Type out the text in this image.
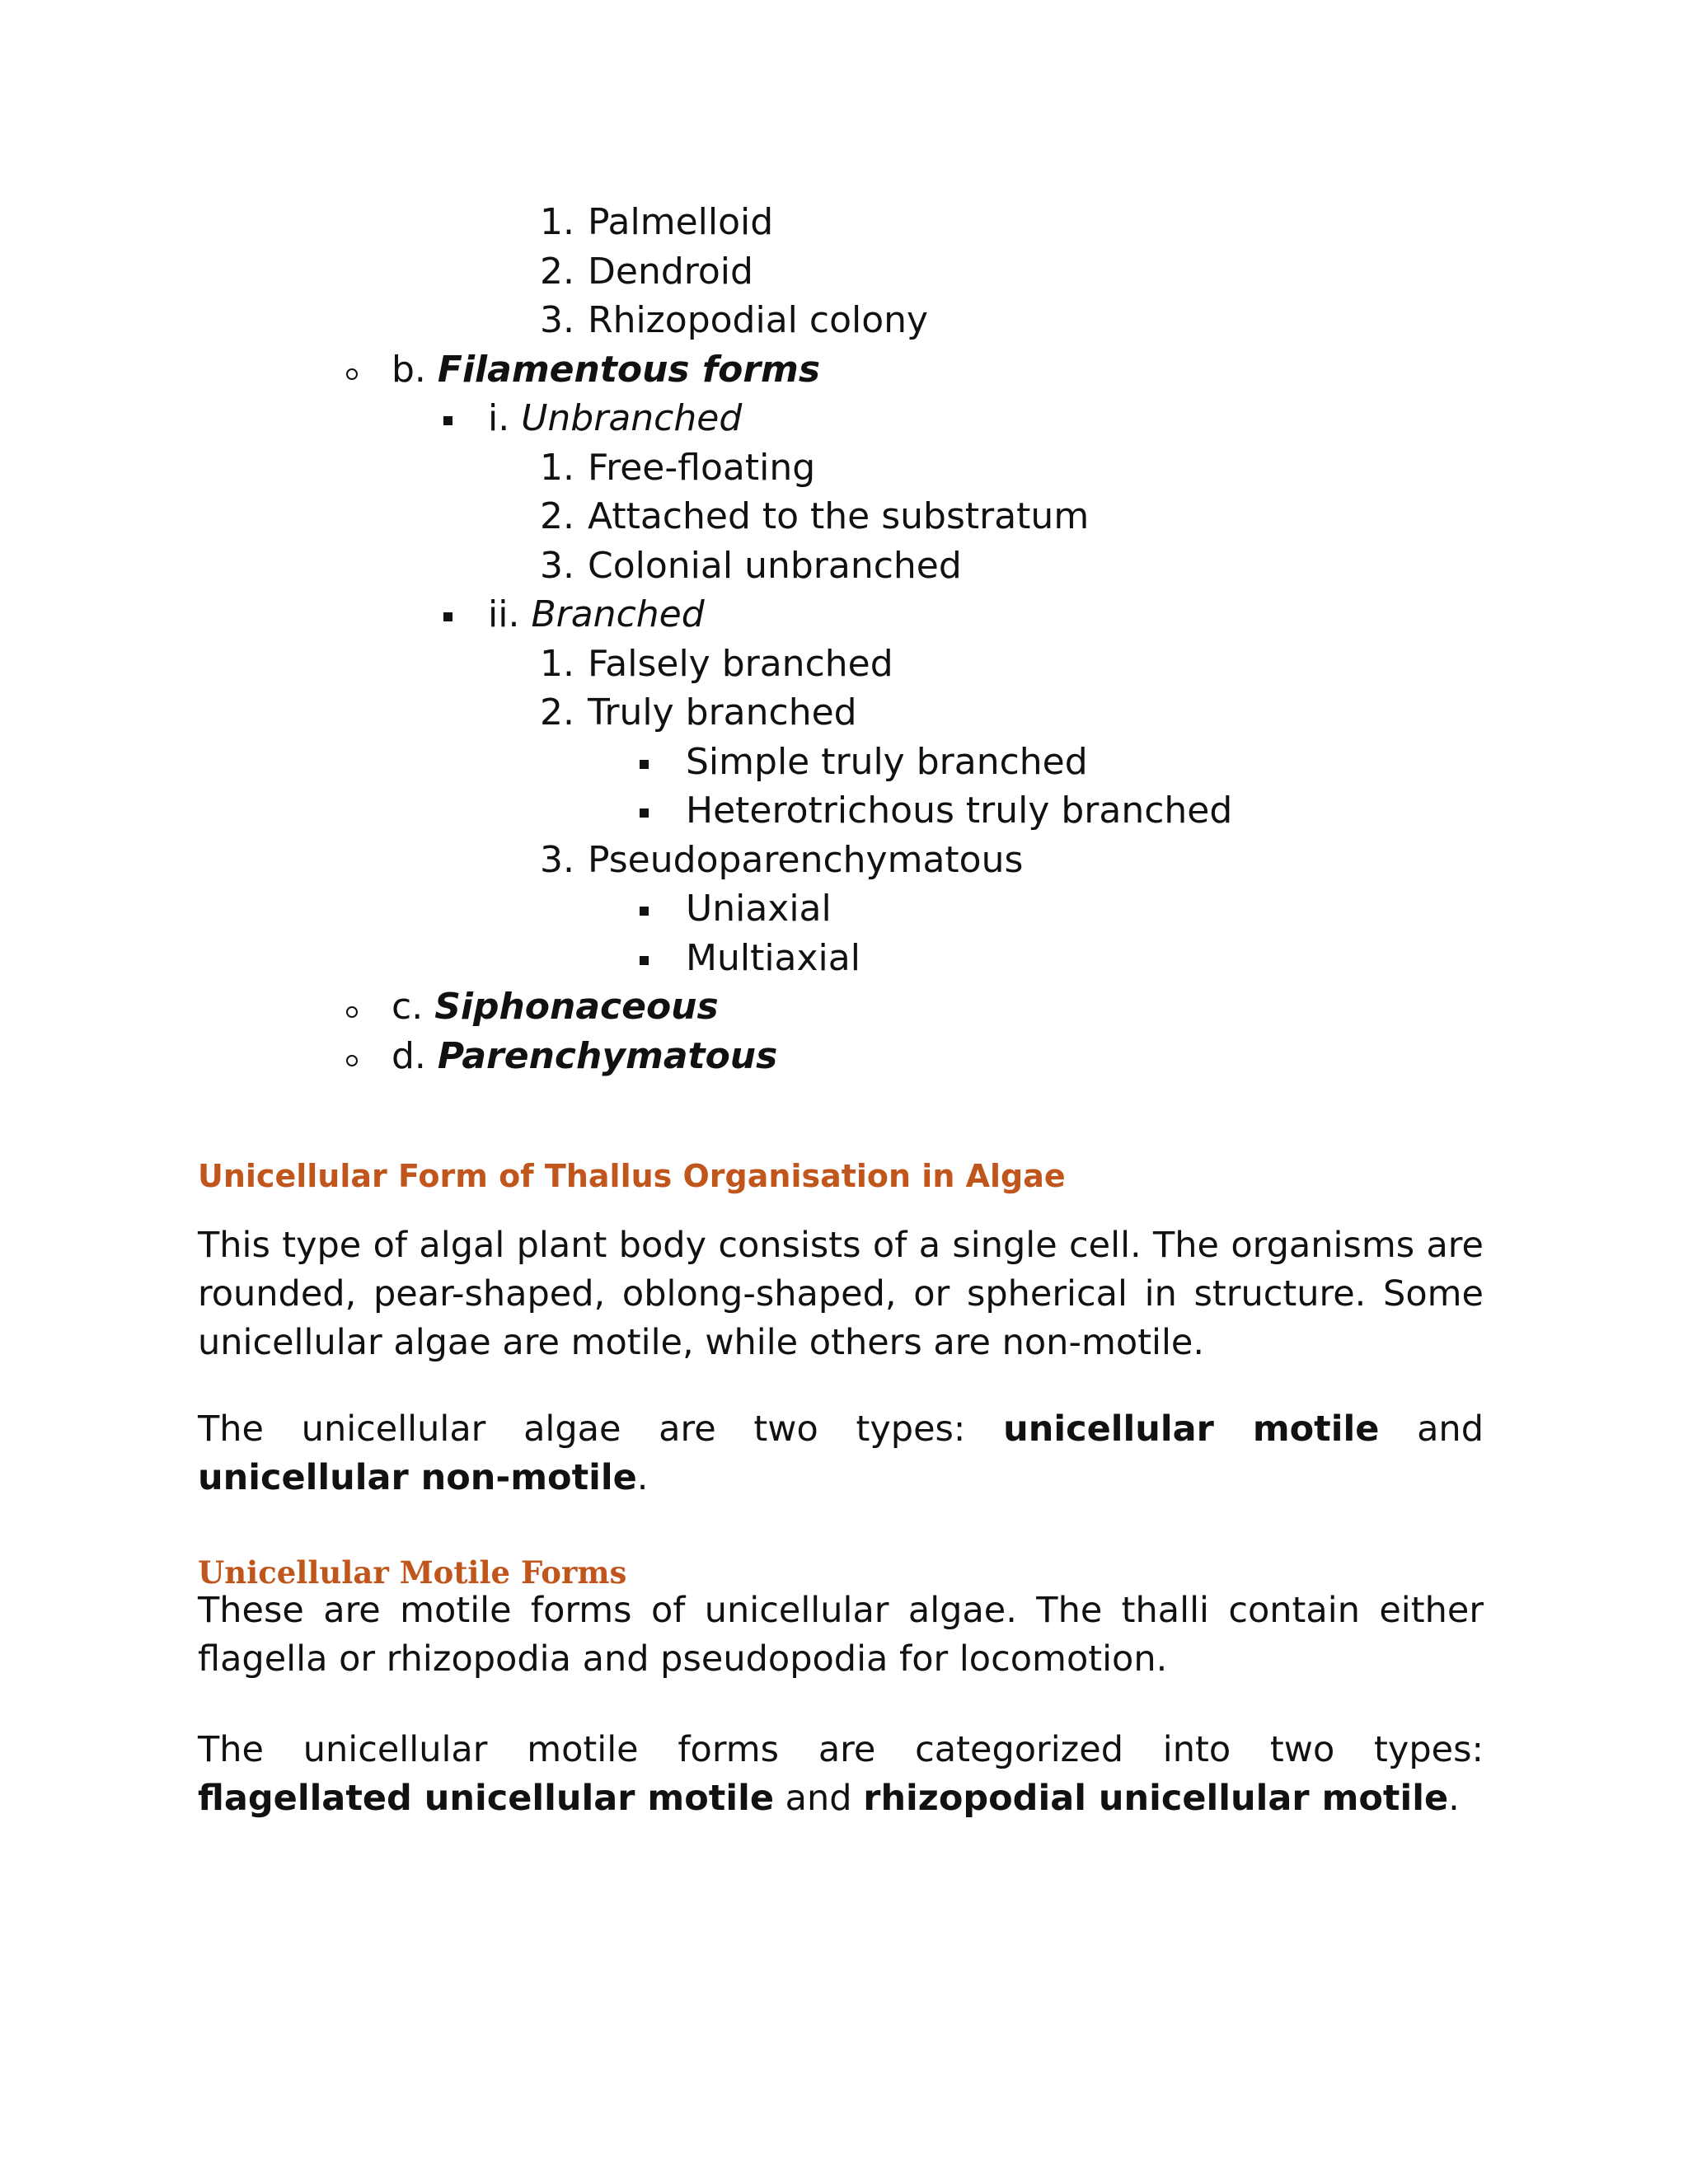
1. Palmelloid
2. Dendroid
3. Rhizopodial colony
b. Filamentous forms
i. Unbranched
1. Free-floating
2. Attached to the substratum
3. Colonial unbranched
ii. Branched
1. Falsely branched
2. Truly branched
Simple truly branched
Heterotrichous truly branched
3. Pseudoparenchymatous
Uniaxial
Multiaxial
c. Siphonaceous
d. Parenchymatous
Unicellular Form of Thallus Organisation in Algae
This type of algal plant body consists of a single cell. The organisms are rounded, pear-shaped, oblong-shaped, or spherical in structure. Some unicellular algae are motile, while others are non-motile.
The unicellular algae are two types: unicellular motile and unicellular non-motile.
Unicellular Motile Forms
These are motile forms of unicellular algae. The thalli contain either flagella or rhizopodia and pseudopodia for locomotion.
The unicellular motile forms are categorized into two types: flagellated unicellular motile and rhizopodial unicellular motile.
